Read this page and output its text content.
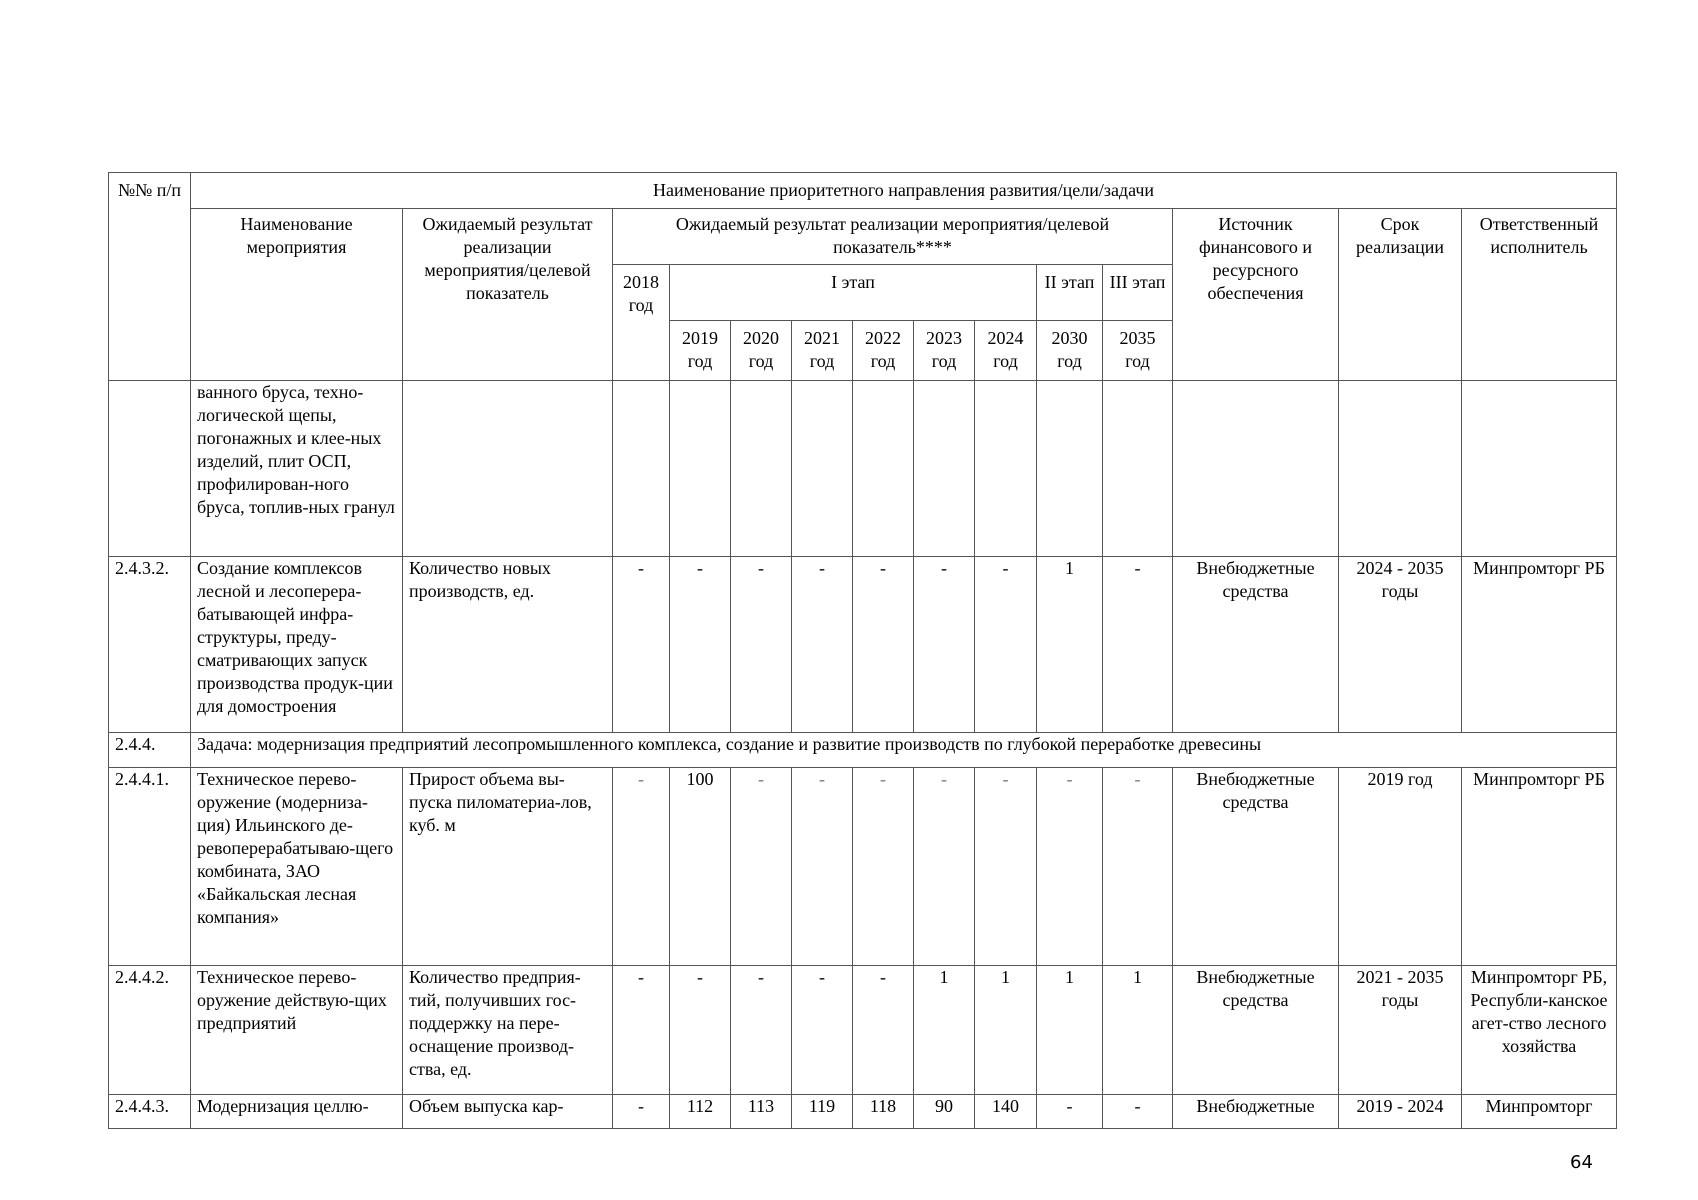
№№ п/п	Наименование приоритетного направления развития/цели/задачи													
	Наименование мероприятия	Ожидаемый результат реализации мероприятия/целевой показатель	Ожидаемый результат реализации мероприятия/целевой показатель****									Источник финансового и ресурсного обеспечения	Срок реализации	Ответственный исполнитель
			2018 год	I этап						II этап	III этап			
				2019 год	2020 год	2021 год	2022 год	2023 год	2024 год	2030 год	2035 год			
	ванного бруса, техно-логической щепы, погонажных и клее-ных изделий, плит ОСП, профилирован-ного бруса, топлив-ных гранул													
2.4.3.2.	Создание комплексов лесной и лесоперера-батывающей инфра-структуры, преду-сматривающих запуск производства продук-ции для домостроения	Количество новых производств, ед.	-	-	-	-	-	-	-	1	-	Внебюджетные средства	2024 - 2035 годы	Минпромторг РБ
2.4.4.	Задача: модернизация предприятий лесопромышленного комплекса, создание и развитие производств по глубокой переработке древесины													
2.4.4.1.	Техническое перево-оружение (модерниза-ция) Ильинского де-ревоперерабатываю-щего комбината, ЗАО «Байкальская лесная компания»	Прирост объема вы-пуска пиломатериа-лов, куб. м	-	100	-	-	-	-	-	-	-	Внебюджетные средства	2019 год	Минпромторг РБ
2.4.4.2.	Техническое перево-оружение действую-щих предприятий	Количество предприя-тий, получивших гос-поддержку на пере-оснащение производ-ства, ед.	-	-	-	-	-	1	1	1	1	Внебюджетные средства	2021 - 2035 годы	Минпромторг РБ, Республи-канское агет-ство лесного хозяйства
2.4.4.3.	Модернизация целлю-	Объем выпуска кар-	-	112	113	119	118	90	140	-	-	Внебюджетные	2019 - 2024	Минпромторг
64
